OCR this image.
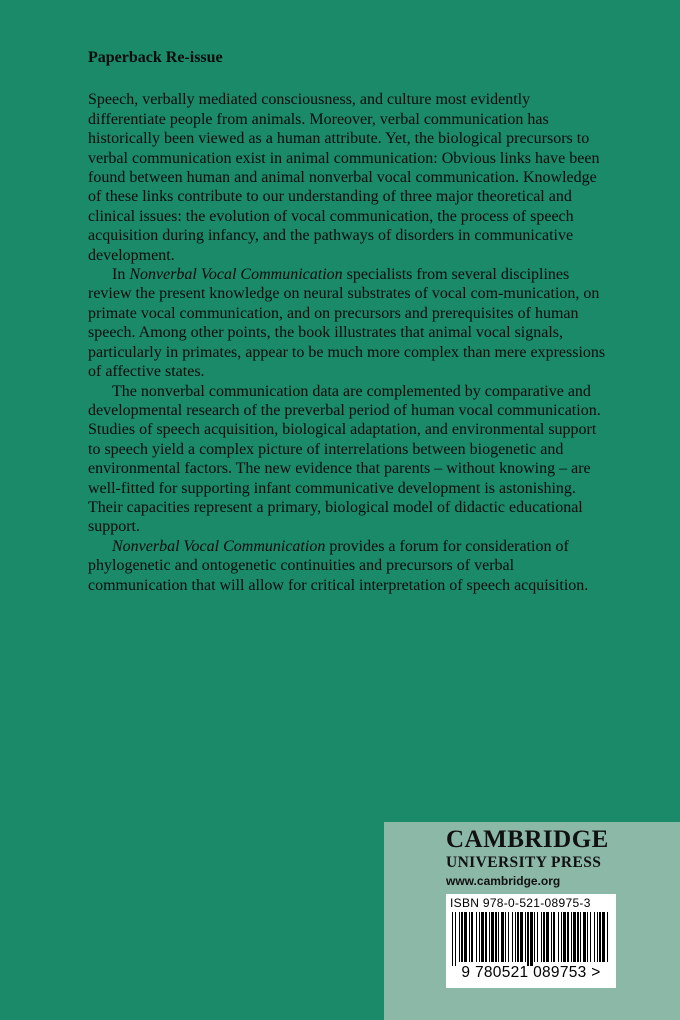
Paperback Re-issue

Speech, verbally mediated consciousness, and culture most evidently differentiate people from animals. Moreover, verbal communication has historically been viewed as a human attribute. Yet, the biological precursors to verbal communication exist in animal communication: Obvious links have been found between human and animal nonverbal vocal communication. Knowledge of these links contribute to our understanding of three major theoretical and clinical issues: the evolution of vocal communication, the process of speech acquisition during infancy, and the pathways of disorders in communicative development.

In Nonverbal Vocal Communication specialists from several disciplines review the present knowledge on neural substrates of vocal com-munication, on primate vocal communication, and on precursors and prerequisites of human speech. Among other points, the book illustrates that animal vocal signals, particularly in primates, appear to be much more complex than mere expressions of affective states.

The nonverbal communication data are complemented by comparative and developmental research of the preverbal period of human vocal communication. Studies of speech acquisition, biological adaptation, and environmental support to speech yield a complex picture of interrelations between biogenetic and environmental factors. The new evidence that parents – without knowing – are well-fitted for supporting infant communicative development is astonishing. Their capacities represent a primary, biological model of didactic educational support.

Nonverbal Vocal Communication provides a forum for consideration of phylogenetic and ontogenetic continuities and precursors of verbal communication that will allow for critical interpretation of speech acquisition.

CAMBRIDGE
UNIVERSITY PRESS
www.cambridge.org
ISBN 978-0-521-08975-3
9 780521 089753 >
